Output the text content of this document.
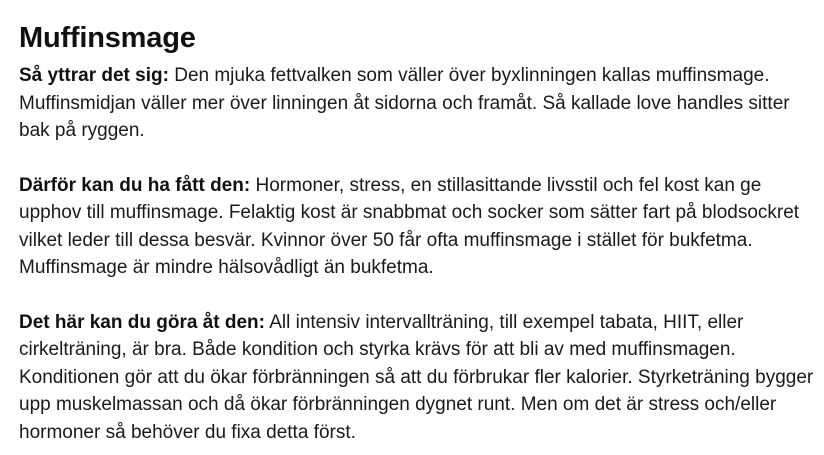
Muffinsmage

Så yttrar det sig: Den mjuka fettvalken som väller över byxlinningen kallas muffinsmage. Muffinsmidjan väller mer över linningen åt sidorna och framåt. Så kallade love handles sitter bak på ryggen.

Därför kan du ha fått den: Hormoner, stress, en stillasittande livsstil och fel kost kan ge upphov till muffinsmage. Felaktig kost är snabbmat och socker som sätter fart på blodsockret vilket leder till dessa besvär. Kvinnor över 50 får ofta muffinsmage i stället för bukfetma. Muffinsmage är mindre hälsovådligt än bukfetma.

Det här kan du göra åt den: All intensiv intervallträning, till exempel tabata, HIIT, eller cirkelträning, är bra. Både kondition och styrka krävs för att bli av med muffinsmagen. Konditionen gör att du ökar förbränningen så att du förbrukar fler kalorier. Styrketräning bygger upp muskelmassan och då ökar förbränningen dygnet runt. Men om det är stress och/eller hormoner så behöver du fixa detta först.
